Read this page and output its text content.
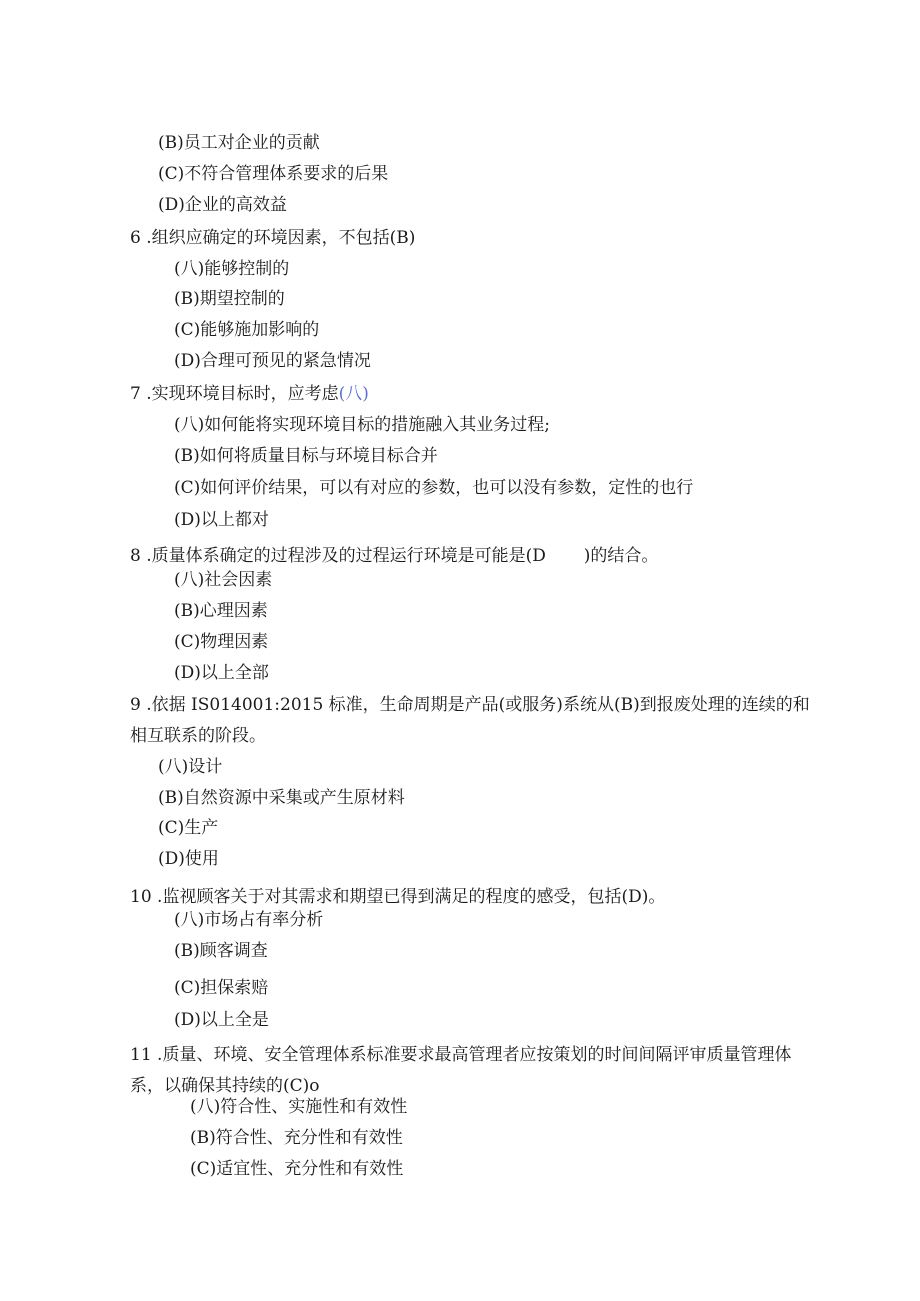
(B)员工对企业的贡献
(C)不符合管理体系要求的后果
(D)企业的高效益
6 .组织应确定的环境因素，不包括(B)
(八)能够控制的
(B)期望控制的
(C)能够施加影响的
(D)合理可预见的紧急情况
7 .实现环境目标时，应考虑(八)
(八)如何能将实现环境目标的措施融入其业务过程;
(B)如何将质量目标与环境目标合并
(C)如何评价结果，可以有对应的参数，也可以没有参数，定性的也行
(D)以上都对
8 .质量体系确定的过程涉及的过程运行环境是可能是(D       )的结合。
(八)社会因素
(B)心理因素
(C)物理因素
(D)以上全部
9 .依据 IS014001:2015 标准，生命周期是产品(或服务)系统从(B)到报废处理的连续的和相互联系的阶段。
(八)设计
(B)自然资源中采集或产生原材料
(C)生产
(D)使用
10 .监视顾客关于对其需求和期望已得到满足的程度的感受，包括(D)。
(八)市场占有率分析
(B)顾客调查
(C)担保索赔
(D)以上全是
11 .质量、环境、安全管理体系标准要求最高管理者应按策划的时间间隔评审质量管理体系，以确保其持续的(C)o
(八)符合性、实施性和有效性
(B)符合性、充分性和有效性
(C)适宜性、充分性和有效性
